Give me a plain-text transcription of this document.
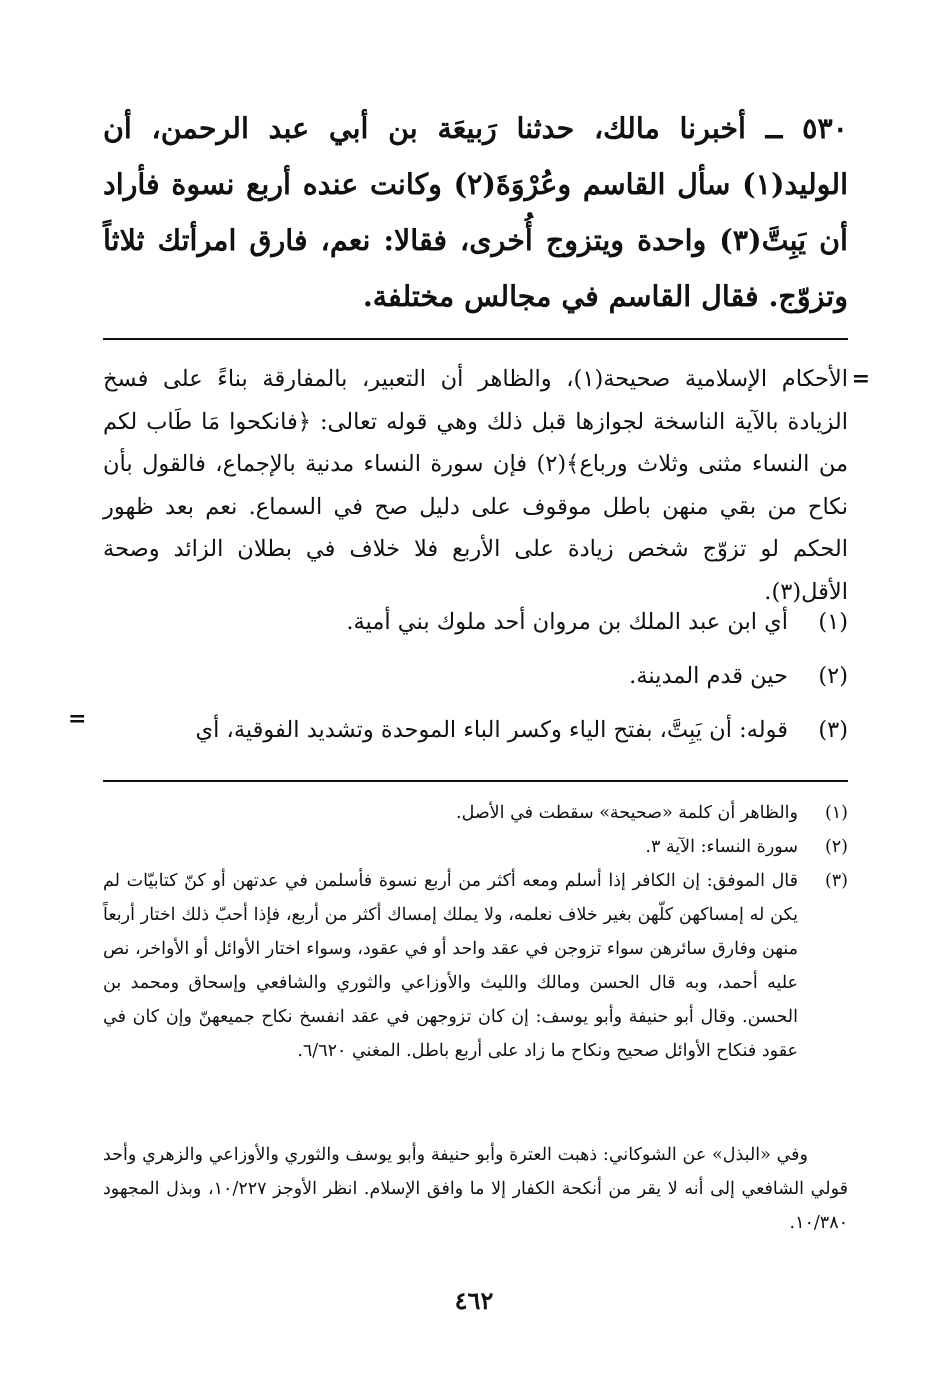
٥٣٠ ــ أخبرنا مالك، حدثنا رَبيعَة بن أبي عبد الرحمن، أن الوليد(١) سأل القاسم وعُرْوَةَ(٢) وكانت عنده أربع نسوة فأراد أن يَبِتَّ(٣) واحدة ويتزوج أُخرى، فقالا: نعم، فارق امرأتك ثلاثاً وتزوّج. فقال القاسم في مجالس مختلفة.

=

الأحكام الإسلامية صحيحة(١)، والظاهر أن التعبير، بالمفارقة بناءً على فسخ الزيادة بالآية الناسخة لجوازها قبل ذلك وهي قوله تعالى: ﴿فانكحوا مَا طَاب لكم من النساء مثنى وثلاث ورباع﴾(٢) فإن سورة النساء مدنية بالإجماع، فالقول بأن نكاح من بقي منهن باطل موقوف على دليل صح في السماع. نعم بعد ظهور الحكم لو تزوّج شخص زيادة على الأربع فلا خلاف في بطلان الزائد وصحة الأقل(٣).

(١)
أي ابن عبد الملك بن مروان أحد ملوك بني أمية.
(٢)
حين قدم المدينة.
(٣)
قوله: أن يَبِتَّ، بفتح الياء وكسر الباء الموحدة وتشديد الفوقية، أي
=
(١)
والظاهر أن كلمة «صحيحة» سقطت في الأصل.
(٢)
سورة النساء: الآية ٣.
(٣)
قال الموفق: إن الكافر إذا أسلم ومعه أكثر من أربع نسوة فأسلمن في عدتهن أو كنّ كتابيّات لم يكن له إمساكهن كلّهن بغير خلاف نعلمه، ولا يملك إمساك أكثر من أربع، فإذا أحبّ ذلك اختار أربعاً منهن وفارق سائرهن سواء تزوجن في عقد واحد أو في عقود، وسواء اختار الأوائل أو الأواخر، نص عليه أحمد، وبه قال الحسن ومالك والليث والأوزاعي والثوري والشافعي وإسحاق ومحمد بن الحسن. وقال أبو حنيفة وأبو يوسف: إن كان تزوجهن في عقد انفسخ نكاح جميعهنّ وإن كان في عقود فنكاح الأوائل صحيح ونكاح ما زاد على أربع باطل. المغني ٦/٦٢٠.

وفي «البذل» عن الشوكاني: ذهبت العترة وأبو حنيفة وأبو يوسف والثوري والأوزاعي والزهري وأحد قولي الشافعي إلى أنه لا يقر من أنكحة الكفار إلا ما وافق الإسلام. انظر الأوجز ١٠/٢٢٧، وبذل المجهود ١٠/٣٨٠.

٤٦٢
